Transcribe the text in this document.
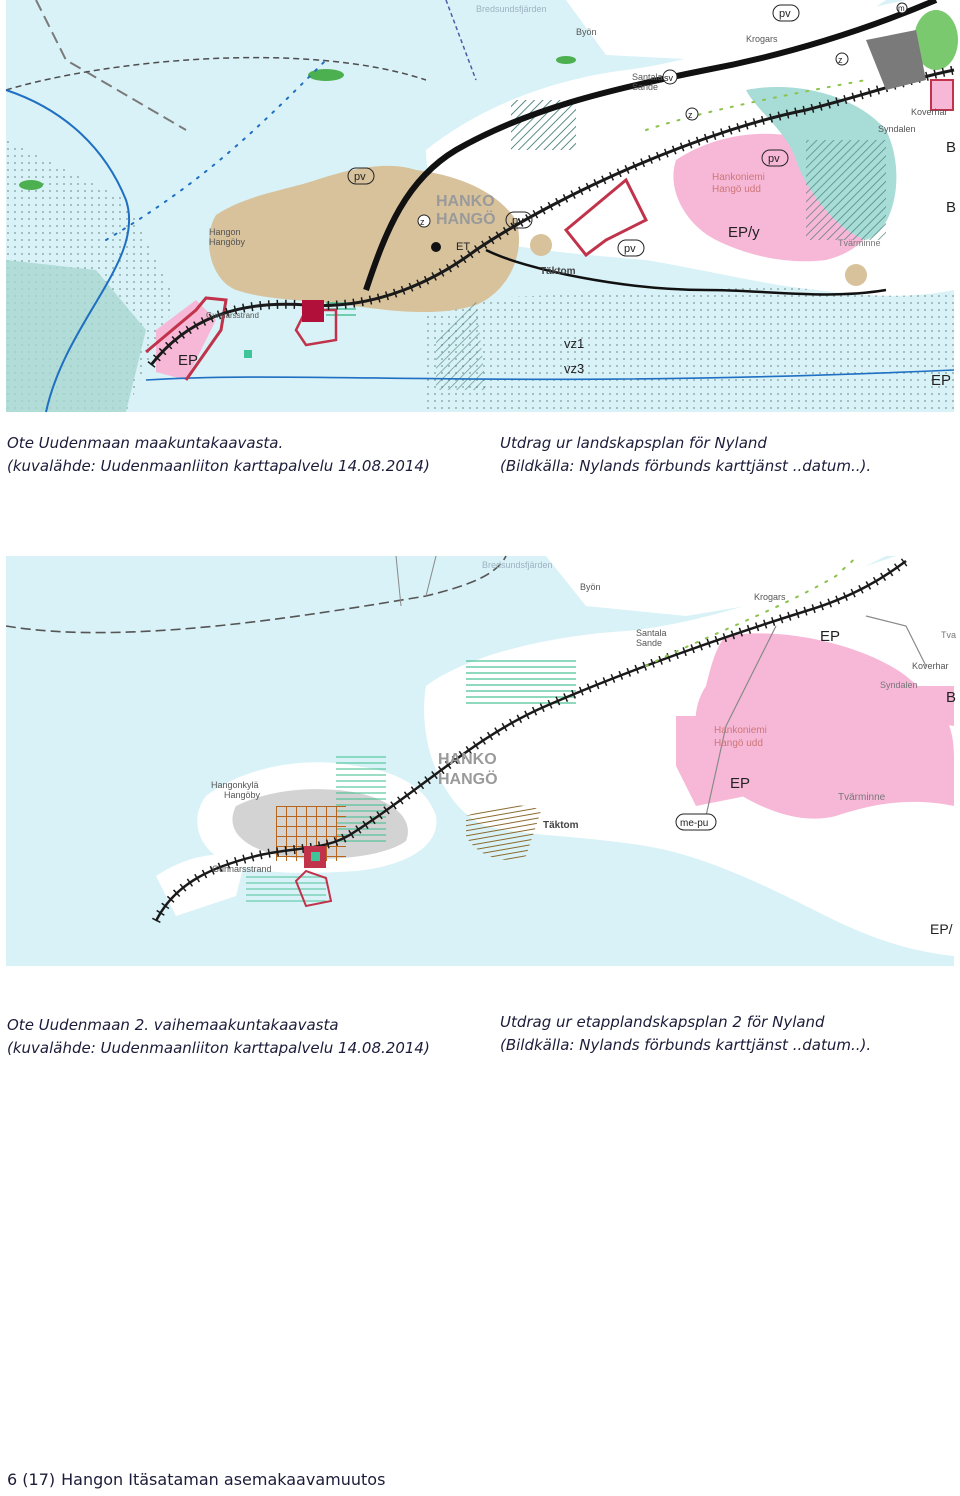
Bredsundsfjärden
Byön
Krogars
Santala
Sande
Syndalen
Koverhar
Hankoniemi
Hangö udd
HANKO
HANGÖ
Hangon
Hangöby
Gunnarsstrand
Täktom
Tvärminne
EP
EP/y
EP
B
B
ET
vz1
vz3
pv
pv
pv
pv
pv
sv
z
z
z
m
Ote Uudenmaan maakuntakaavasta.
(kuvalähde: Uudenmaanliiton karttapalvelu 14.08.2014)
Utdrag ur landskapsplan för Nyland
(Bildkälla: Nylands förbunds karttjänst ..datum..).
me-pu
Bredsundsfjärden
Byön
Krogars
Santala
Sande
Tva
Koverhar
Syndalen
Hankoniemi
Hangö udd
HANKO
HANGÖ
Hangonkylä
Hangöby
Gunnarsstrand
Täktom
Tvärminne
EP
EP
EP/
B
Ote Uudenmaan 2. vaihemaakuntakaavasta
(kuvalähde: Uudenmaanliiton karttapalvelu 14.08.2014)
Utdrag ur etapplandskapsplan 2 för Nyland
(Bildkälla: Nylands förbunds karttjänst ..datum..).
6 (17) Hangon Itäsataman asemakaavamuutos
